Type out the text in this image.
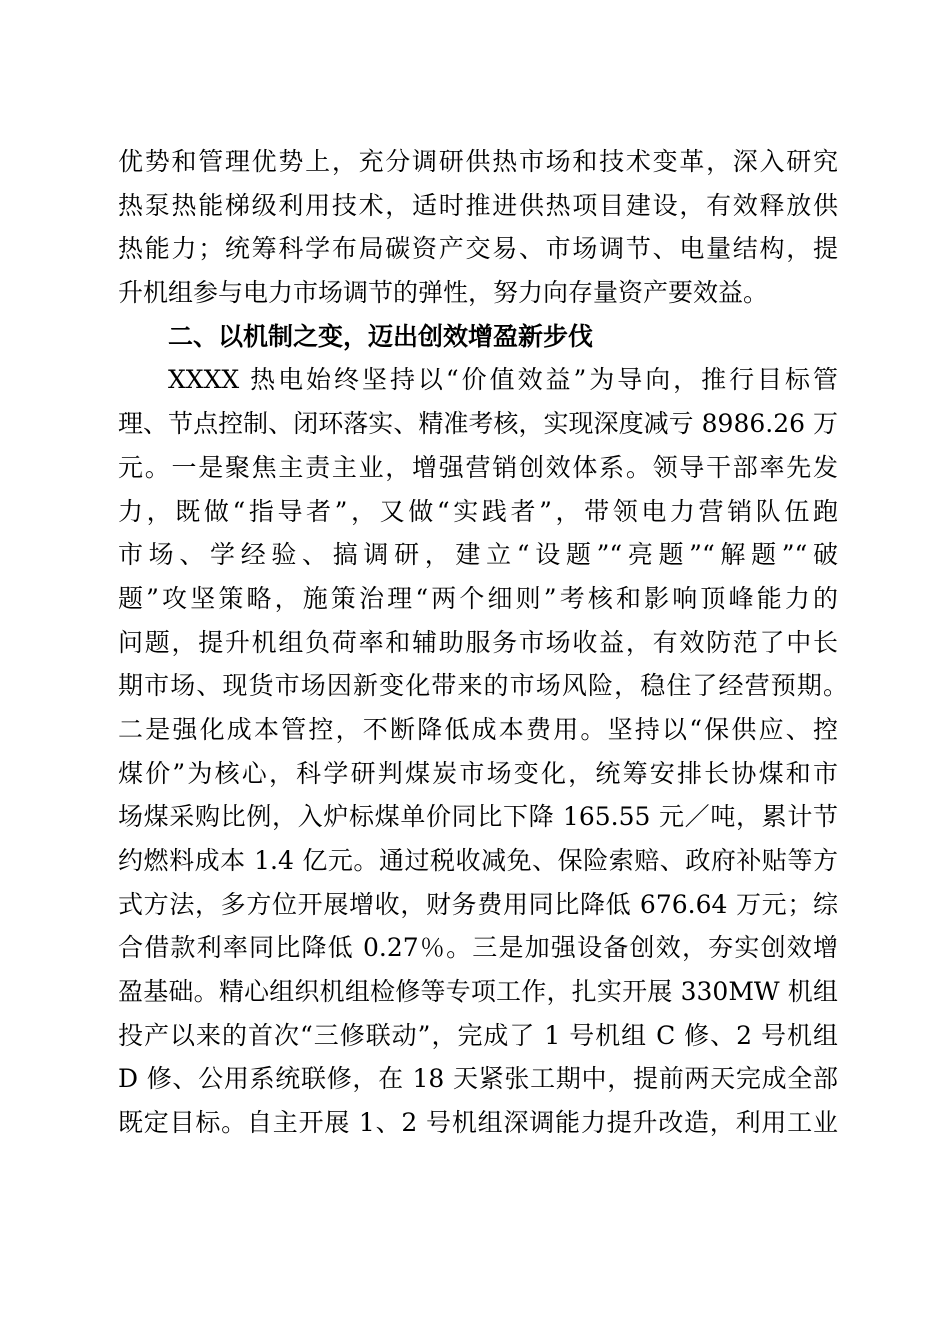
优势和管理优势上，充分调研供热市场和技术变革，深入研究
热泵热能梯级利用技术，适时推进供热项目建设，有效释放供
热能力；统筹科学布局碳资产交易、市场调节、电量结构，提
升机组参与电力市场调节的弹性，努力向存量资产要效益。
二、以机制之变，迈出创效增盈新步伐
XXXX 热电始终坚持以“价值效益”为导向，推行目标管
理、节点控制、闭环落实、精准考核，实现深度减亏 8986.26 万
元。一是聚焦主责主业，增强营销创效体系。领导干部率先发
力，既做“指导者”，又做“实践者”，带领电力营销队伍跑
市场、学经验、搞调研，建立“设题”“亮题”“解题”“破
题”攻坚策略，施策治理“两个细则”考核和影响顶峰能力的
问题，提升机组负荷率和辅助服务市场收益，有效防范了中长
期市场、现货市场因新变化带来的市场风险，稳住了经营预期。
二是强化成本管控，不断降低成本费用。坚持以“保供应、控
煤价”为核心，科学研判煤炭市场变化，统筹安排长协煤和市
场煤采购比例，入炉标煤单价同比下降 165.55 元／吨，累计节
约燃料成本 1.4 亿元。通过税收减免、保险索赔、政府补贴等方
式方法，多方位开展增收，财务费用同比降低 676.64 万元；综
合借款利率同比降低 0.27％。三是加强设备创效，夯实创效增
盈基础。精心组织机组检修等专项工作，扎实开展 330MW 机组
投产以来的首次“三修联动”，完成了 1 号机组 C 修、2 号机组
D 修、公用系统联修，在 18 天紧张工期中，提前两天完成全部
既定目标。自主开展 1、2 号机组深调能力提升改造，利用工业
